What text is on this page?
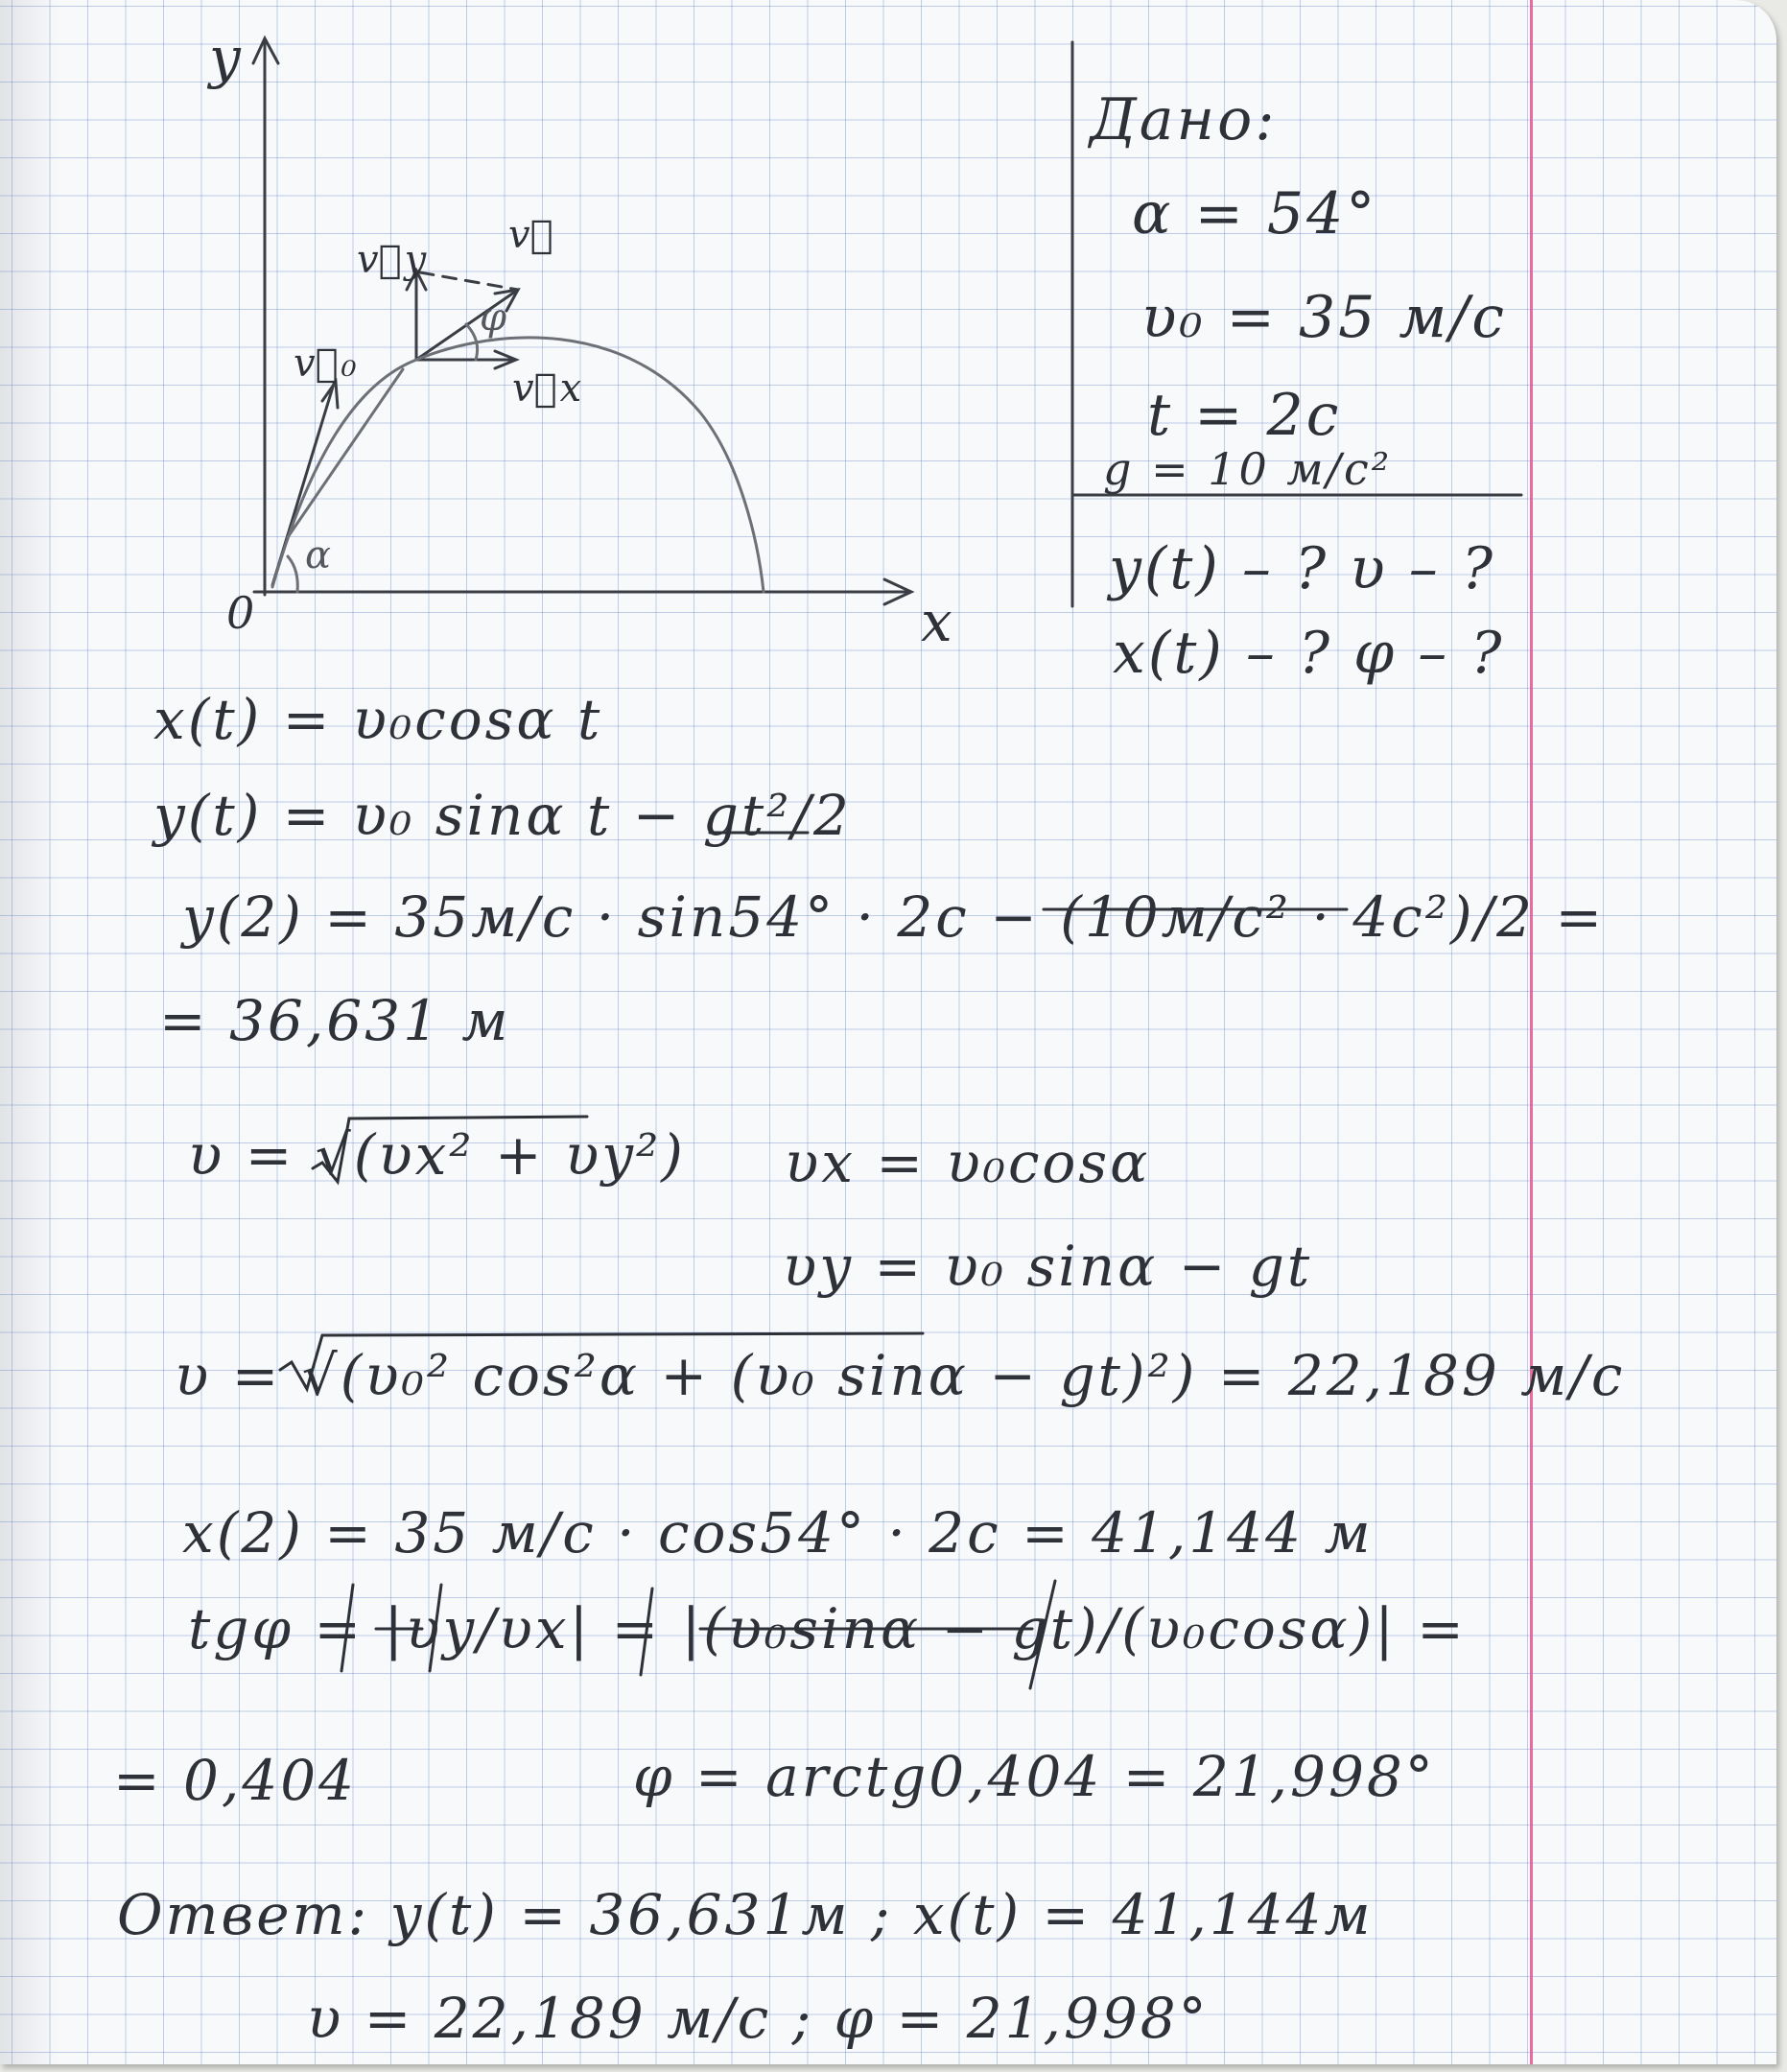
y
x
0
α
φ
v⃗₀
v⃗
v⃗y
v⃗x
Дано:
α = 54°
υ₀ = 35 м/с
t = 2с
g = 10 м/с²
y(t) – ? υ – ?
x(t) – ? φ – ?
x(t) = υ₀cosα t
y(t) = υ₀ sinα t − gt²/2
y(2) = 35м/с · sin54° · 2с − (10м/с² · 4с²)/2 =
= 36,631 м
υ = √(υx² + υy²) υx = υ₀cosα
υy = υ₀ sinα − gt
υ = √(υ₀² cos²α + (υ₀ sinα − gt)²) = 22,189 м/с
x(2) = 35 м/с · cos54° · 2с = 41,144 м
tgφ = |υy/υx| = |(υ₀sinα − gt)/(υ₀cosα)| =
= 0,404	φ = arctg0,404 = 21,998°
Ответ: y(t) = 36,631м ; x(t) = 41,144м
υ = 22,189 м/с ; φ = 21,998°
